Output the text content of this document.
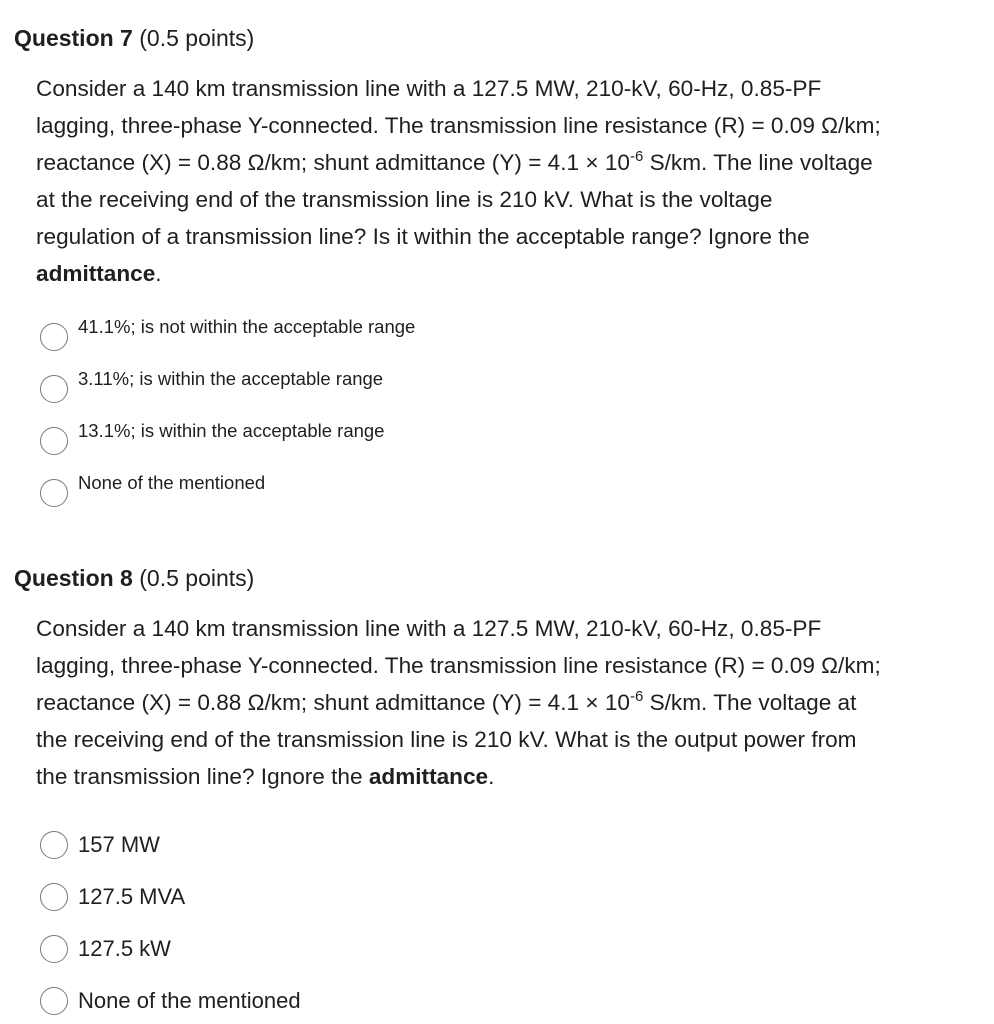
Question 7 (0.5 points)

Consider a 140 km transmission line with a 127.5 MW, 210-kV, 60-Hz, 0.85-PF
lagging, three-phase Y-connected. The transmission line resistance (R) = 0.09 Ω/km;
reactance (X) = 0.88 Ω/km; shunt admittance $(Y) = 4.1 \times 10^{-6}$ S/km. The line voltage
at the receiving end of the transmission line is 210 kV. What is the voltage
regulation of a transmission line? Is it within the acceptable range? Ignore the
admittance.

41.1%; is not within the acceptable range
3.11%; is within the acceptable range
13.1%; is within the acceptable range
None of the mentioned
Question 8 (0.5 points)

Consider a 140 km transmission line with a 127.5 MW, 210-kV, 60-Hz, 0.85-PF
lagging, three-phase Y-connected. The transmission line resistance (R) = 0.09 Ω/km;
reactance (X) = 0.88 Ω/km; shunt admittance $(Y) = 4.1 \times 10^{-6}$ S/km. The voltage at
the receiving end of the transmission line is 210 kV. What is the output power from
the transmission line? Ignore the admittance.

157 MW
127.5 MVA
127.5 kW
None of the mentioned
